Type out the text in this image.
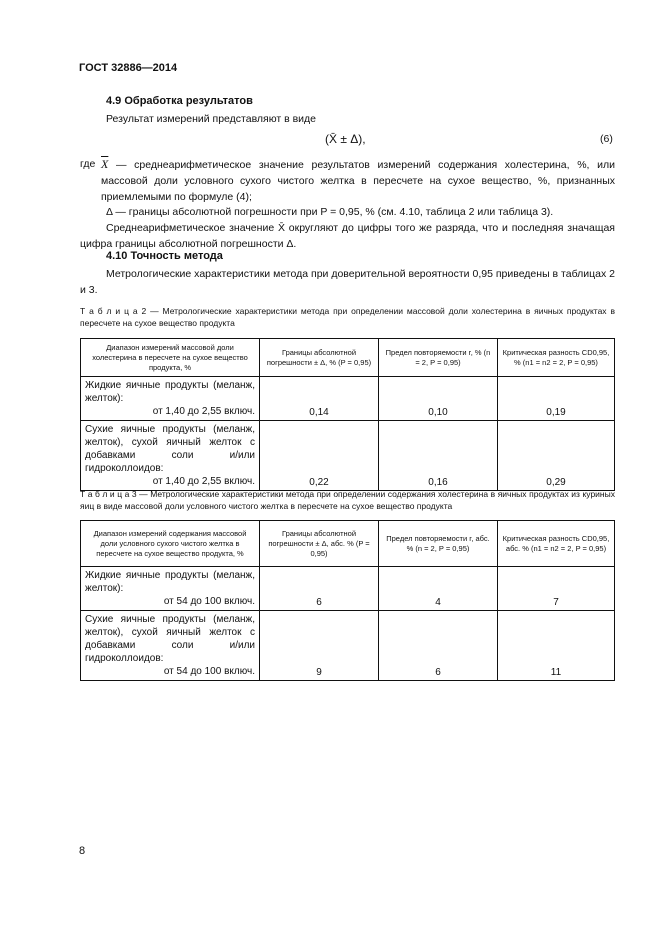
ГОСТ 32886—2014
4.9 Обработка результатов
Результат измерений представляют в виде
(X̄ ± Δ),	(6)
где $\overline{X}$ — среднеарифметическое значение результатов измерений содержания холестерина, %, или массовой доли условного сухого чистого желтка в пересчете на сухое вещество, %, признанных приемлемыми по формуле (4);
Δ — границы абсолютной погрешности при P = 0,95, % (см. 4.10, таблица 2 или таблица 3).
Среднеарифметическое значение X̄ округляют до цифры того же разряда, что и последняя значащая цифра границы абсолютной погрешности Δ.
4.10 Точность метода
Метрологические характеристики метода при доверительной вероятности 0,95 приведены в таблицах 2 и 3.
Т а б л и ц а 2 — Метрологические характеристики метода при определении массовой доли холестерина в яичных продуктах в пересчете на сухое вещество продукта
Диапазон измерений массовой доли холестерина в пересчете на сухое вещество продукта, %	Границы абсолютной погрешности ± Δ, % (P = 0,95)	Предел повторяемости r, % (n = 2, P = 0,95)	Критическая разность CD0,95, % (n1 = n2 = 2, P = 0,95)

Жидкие яичные продукты (меланж, желток):
от 1,40 до 2,55 включ.	0,14	0,10	0,19

Сухие яичные продукты (меланж, желток), сухой яичный желток с добавками соли и/или гидроколлоидов:
от 1,40 до 2,55 включ.	0,22	0,16	0,29
Т а б л и ц а 3 — Метрологические характеристики метода при определении содержания холестерина в яичных продуктах из куриных яиц в виде массовой доли условного чистого желтка в пересчете на сухое вещество продукта
Диапазон измерений содержания массовой доли условного сухого чистого желтка в пересчете на сухое вещество продукта, %	Границы абсолютной погрешности ± Δ, абс. % (P = 0,95)	Предел повторяемости r, абс. % (n = 2, P = 0,95)	Критическая разность CD0,95, абс. % (n1 = n2 = 2, P = 0,95)

Жидкие яичные продукты (меланж, желток):
от 54 до 100 включ.	6	4	7

Сухие яичные продукты (меланж, желток), сухой яичный желток с добавками соли и/или гидроколлоидов:
от 54 до 100 включ.	9	6	11
8
